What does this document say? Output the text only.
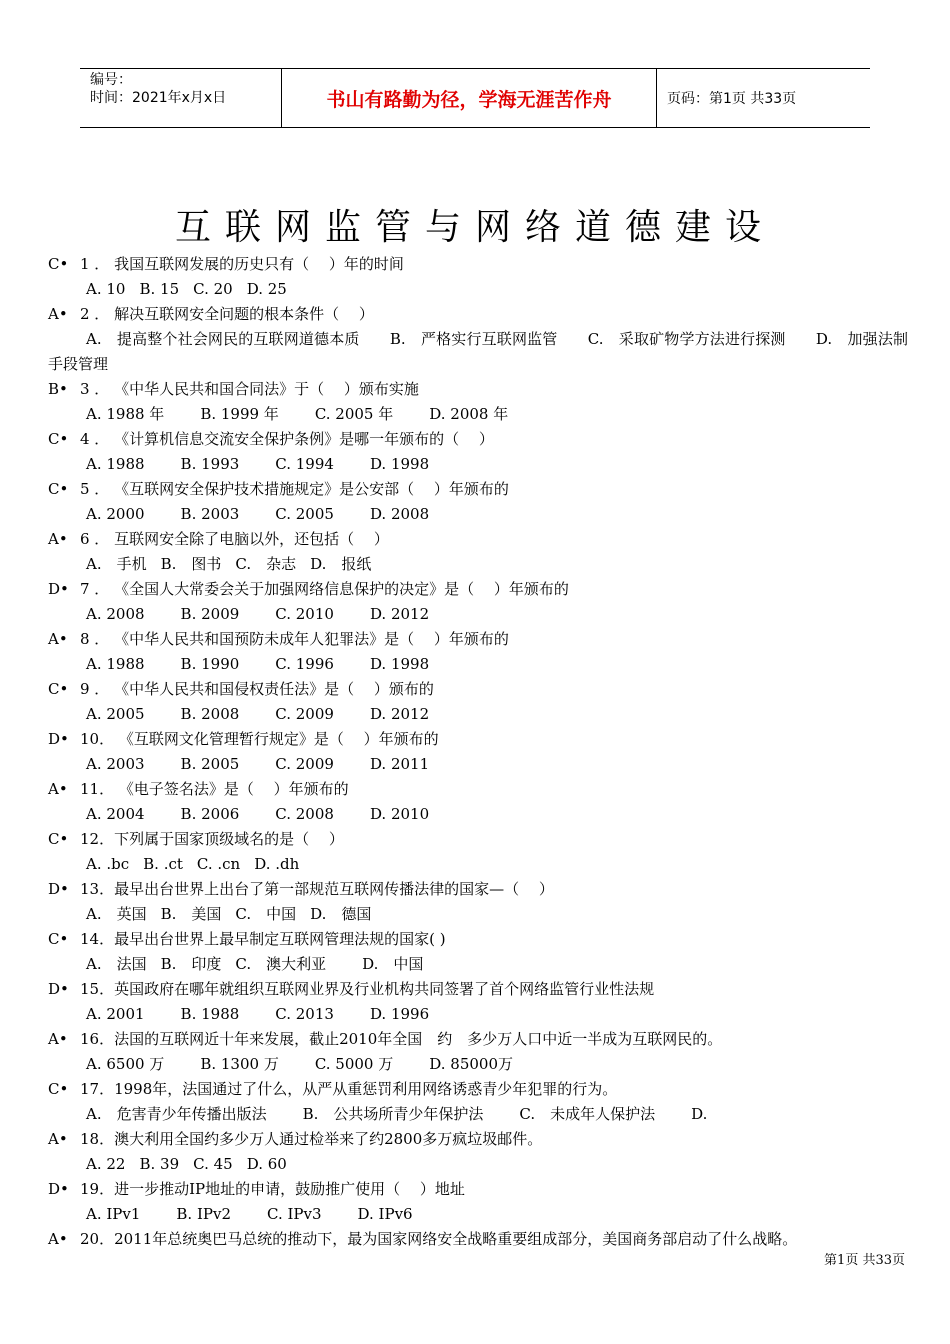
编号：
时间：2021年x月x日	书山有路勤为径，学海无涯苦作舟	页码：第1页 共33页
互联网监管与网络道德建设
C• 1 ． 我国互联网发展的历史只有（　 ）年的时间
A. 10 B. 15 C. 20 D. 25
A• 2 ． 解决互联网安全问题的根本条件（　 ）
A.　提高整个社会网民的互联网道德本质　　B.　严格实行互联网监管　　C.　采取矿物学方法进行探测　　D.　加强法制手段管理
B• 3 ． 《中华人民共和国合同法》于（　 ）颁布实施
A. 1988 年 B. 1999 年 C. 2005 年 D. 2008 年
C• 4 ． 《计算机信息交流安全保护条例》是哪一年颁布的（　 ）
A. 1988 B. 1993 C. 1994 D. 1998
C• 5 ． 《互联网安全保护技术措施规定》是公安部（　 ）年颁布的
A. 2000 B. 2003 C. 2005 D. 2008
A• 6 ． 互联网安全除了电脑以外，还包括（　 ）
A.　手机 B.　图书 C.　杂志 D.　报纸
D• 7 ． 《全国人大常委会关于加强网络信息保护的决定》是（　 ）年颁布的
A. 2008 B. 2009 C. 2010 D. 2012
A• 8 ． 《中华人民共和国预防未成年人犯罪法》是（　 ）年颁布的
A. 1988 B. 1990 C. 1996 D. 1998
C• 9 ． 《中华人民共和国侵权责任法》是（　 ）颁布的
A. 2005 B. 2008 C. 2009 D. 2012
D• 10． 《互联网文化管理暂行规定》是（　 ）年颁布的
A. 2003 B. 2005 C. 2009 D. 2011
A• 11． 《电子签名法》是（　 ）年颁布的
A. 2004 B. 2006 C. 2008 D. 2010
C• 12．下列属于国家顶级域名的是（　 ）
A. .bc B. .ct C. .cn D. .dh
D• 13．最早出台世界上出台了第一部规范互联网传播法律的国家—（　 ）
A.　英国 B.　美国 C.　中国 D.　德国
C• 14．最早出台世界上最早制定互联网管理法规的国家( )
A.　法国 B.　印度 C.　澳大利亚 D.　中国
D• 15．英国政府在哪年就组织互联网业界及行业机构共同签署了首个网络监管行业性法规
A. 2001 B. 1988 C. 2013 D. 1996
A• 16．法国的互联网近十年来发展，截止2010年全国　约　多少万人口中近一半成为互联网民的。
A. 6500 万 B. 1300 万 C. 5000 万 D. 85000万
C• 17．1998年，法国通过了什么，从严从重惩罚利用网络诱惑青少年犯罪的行为。
A.　危害青少年传播出版法 B.　公共场所青少年保护法 C.　未成年人保护法 D.
A• 18．澳大利用全国约多少万人通过检举来了约2800多万疯垃圾邮件。
A. 22 B. 39 C. 45 D. 60
D• 19．进一步推动IP地址的申请，鼓励推广使用（　 ）地址
A. IPv1 B. IPv2 C. IPv3 D. IPv6
A• 20．2011年总统奥巴马总统的推动下，最为国家网络安全战略重要组成部分，美国商务部启动了什么战略。
第1页 共33页
